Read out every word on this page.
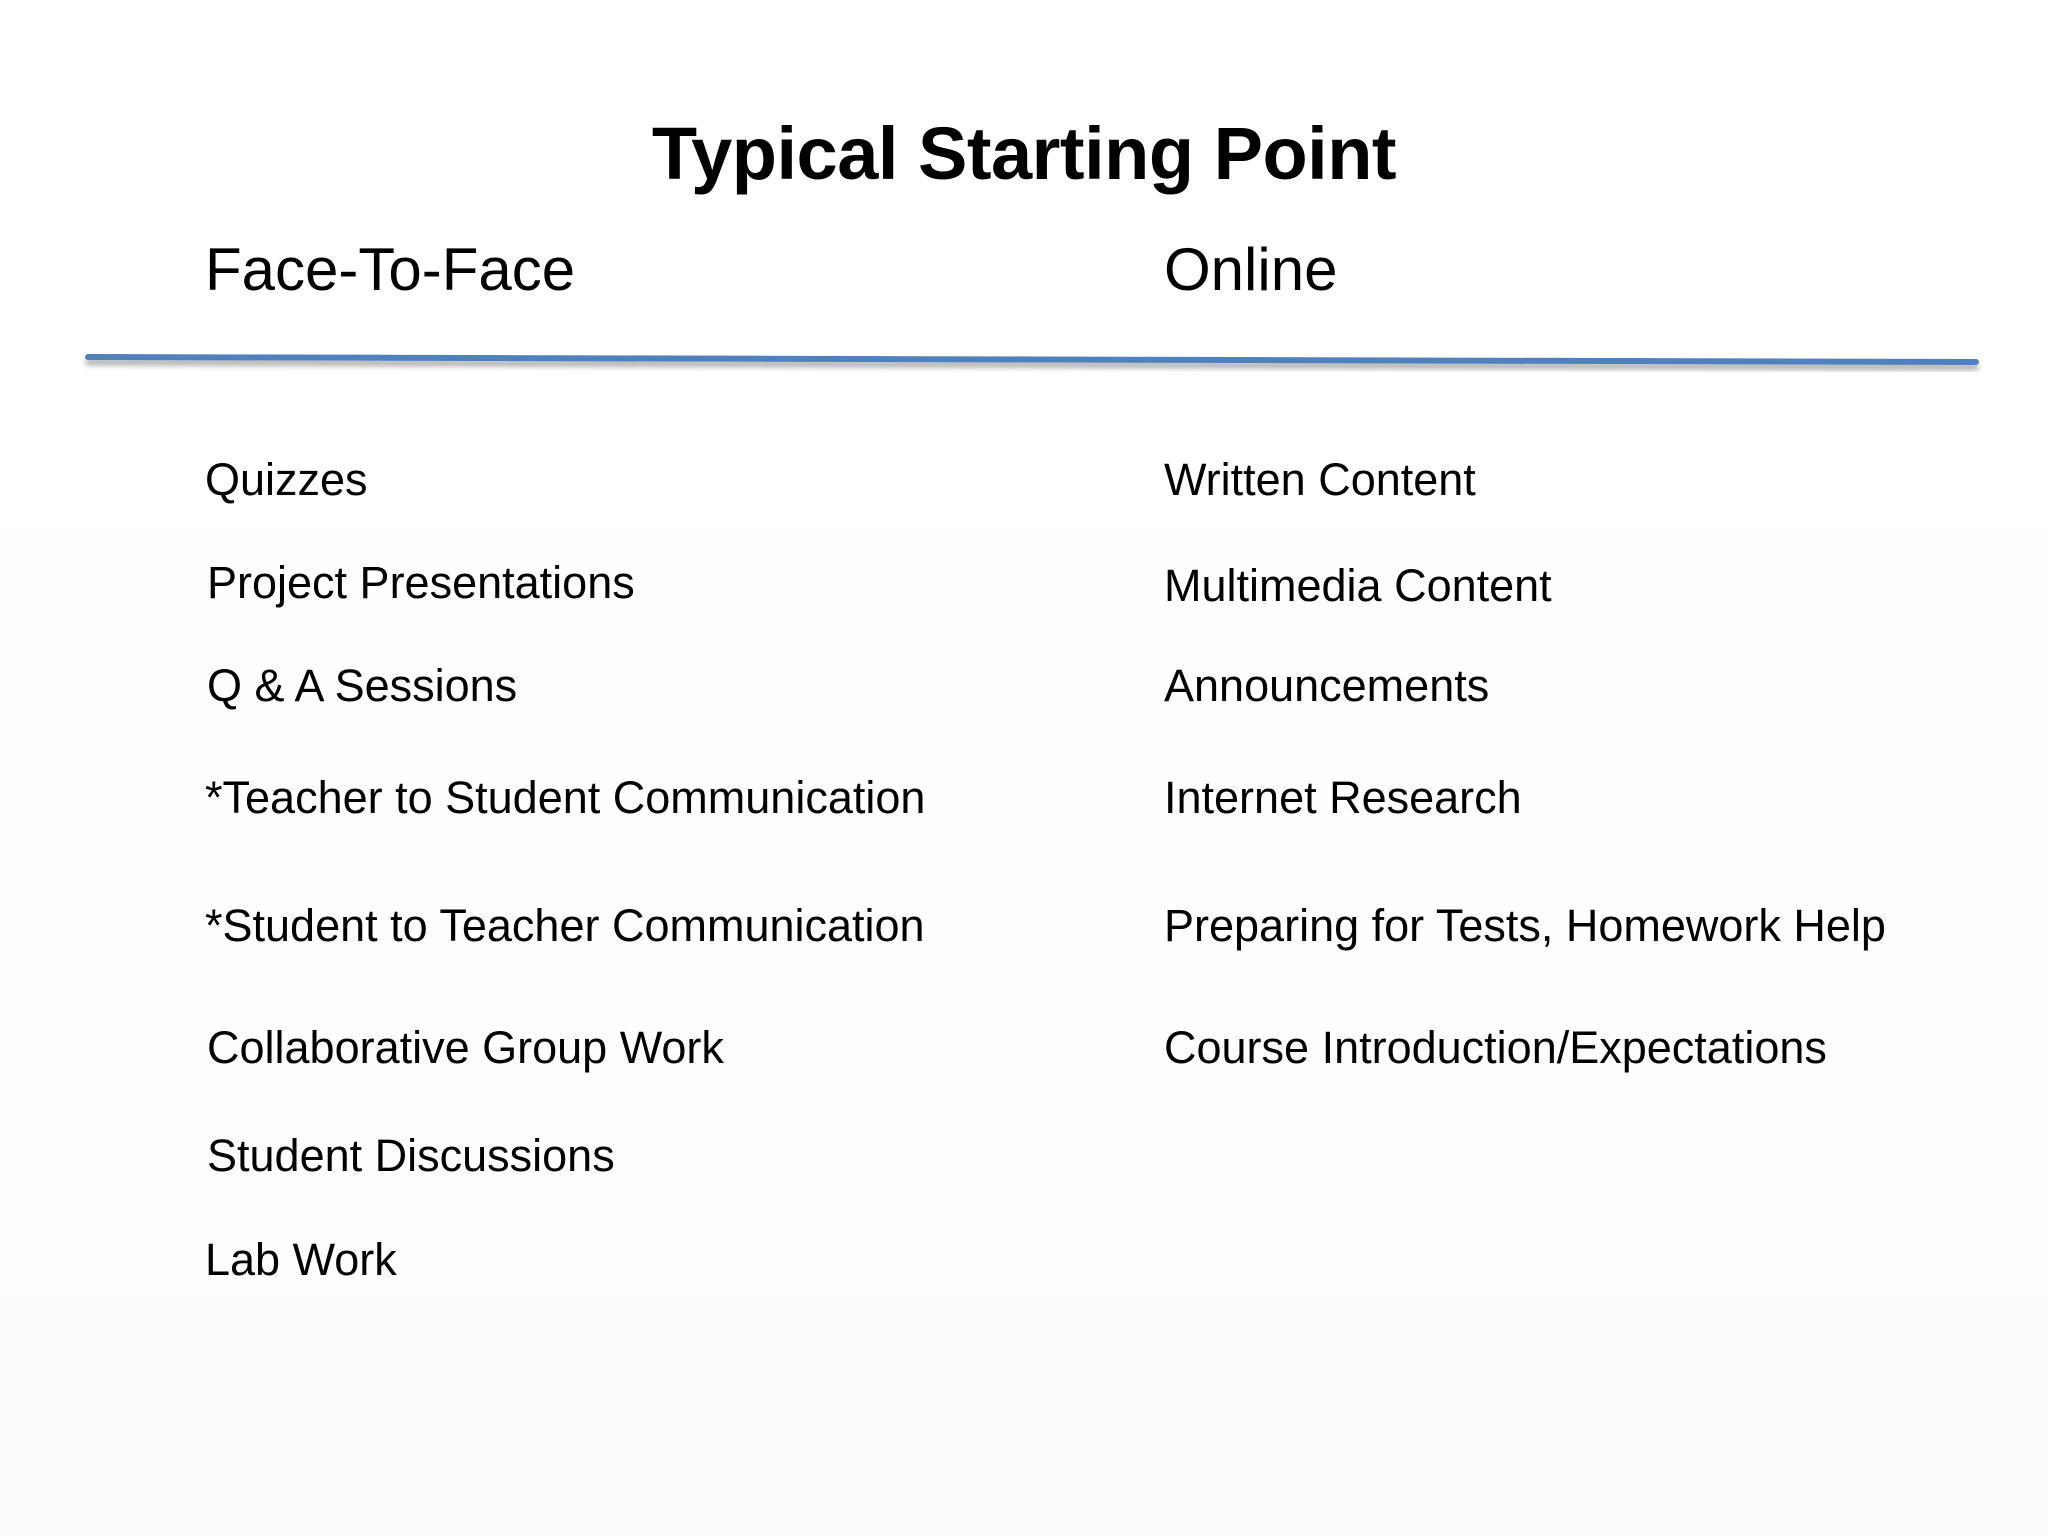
Typical Starting Point
Face-To-Face	Online
Quizzes
Project Presentations
Q & A Sessions
*Teacher to Student Communication
*Student to Teacher Communication
Collaborative Group Work
Student Discussions
Lab Work
Written Content
Multimedia Content
Announcements
Internet Research
Preparing for Tests, Homework Help
Course Introduction/Expectations
